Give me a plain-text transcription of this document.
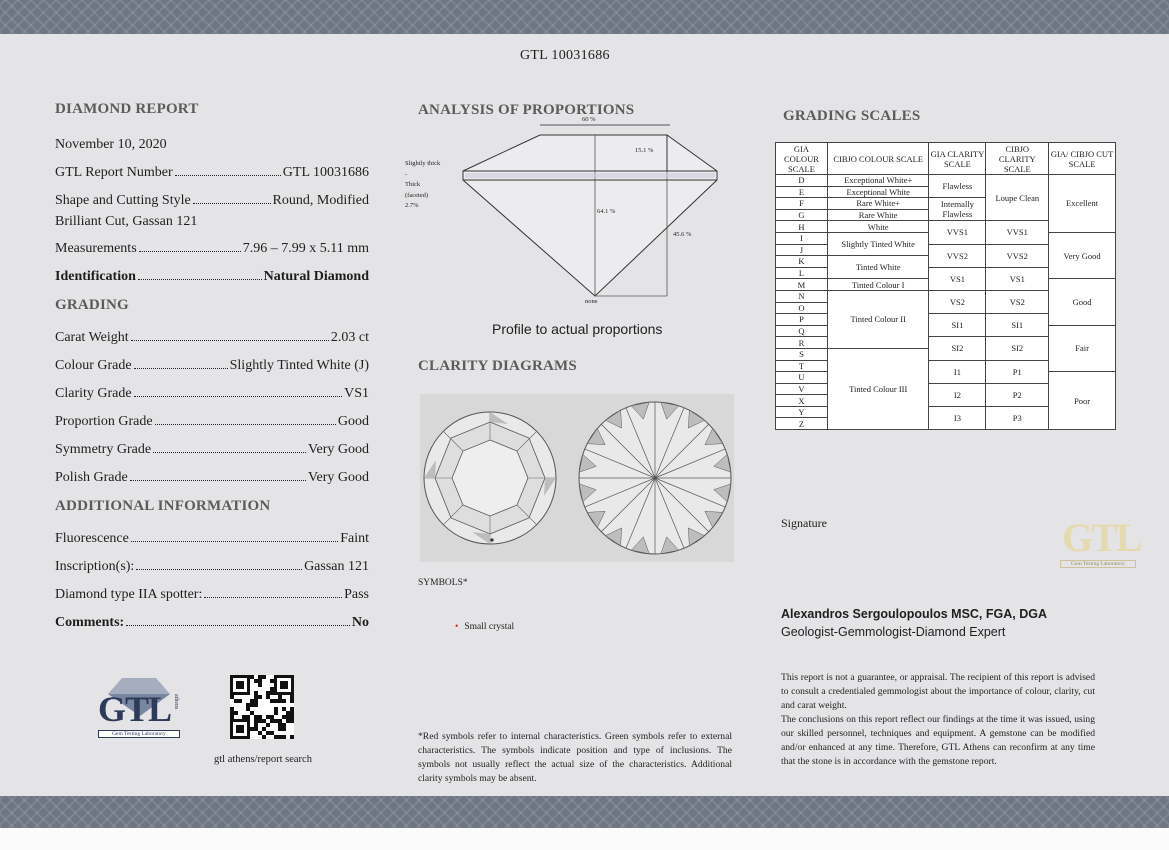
GTL 10031686
DIAMOND REPORT
November 10, 2020
GTL Report Number	GTL 10031686
Shape and Cutting Style	Round, Modified
Brilliant Cut, Gassan 121
Measurements	7.96 – 7.99 x 5.11 mm
Identification	Natural Diamond
GRADING
Carat Weight	2.03 ct
Colour Grade	Slightly Tinted White (J)
Clarity Grade	VS1
Proportion Grade	Good
Symmetry Grade	Very Good
Polish Grade	Very Good
ADDITIONAL INFORMATION
Fluorescence	Faint
Inscription(s):	Gassan 121
Diamond type IIA spotter:	Pass
Comments:	No
GTL athens
Gem Testing Laboratory
gtl athens/report search
ANALYSIS OF PROPORTIONS
60 %
15.1 %
64.1 %
45.6 %
none
Slightly thick
-
Thick
(faceted)
2.7%
Profile to actual proportions
CLARITY DIAGRAMS
SYMBOLS*
• Small crystal
*Red symbols refer to internal characteristics. Green symbols refer to external characteristics. The symbols indicate position and type of inclusions. The symbols not usually reflect the actual size of the characteristics. Additional clarity symbols may be absent.
GRADING SCALES
GIA COLOUR SCALE	CIBJO COLOUR SCALE	GIA CLARITY SCALE	CIBJO CLARITY SCALE	GIA/ CIBJO CUT SCALE
D	Exceptional White+	Flawless	Loupe Clean	Excellent
E	Exceptional White			
F	Rare White+	Internally Flawless		
G	Rare White			
H	White	VVS1	VVS1	
I	Slightly Tinted White			Very Good
J		VVS2	VVS2	
K	Tinted White			
L		VS1	VS1	
M	Tinted Colour I			Good
N	Tinted Colour II	VS2	VS2	
O				
P		SI1	SI1	
Q				Fair
R		SI2	SI2	
S	Tinted Colour III			
T		I1	P1	
U				Poor
V		I2	P2	
X				
Y		I3	P3	
Z				
Signature	GTL
Gem Testing Laboratory
Alexandros Sergoulopoulos MSC, FGA, DGA
Geologist-Gemmologist-Diamond Expert
This report is not a guarantee, or appraisal. The recipient of this report is advised to consult a credentialed gemmologist about the importance of colour, clarity, cut and carat weight.
The conclusions on this report reflect our findings at the time it was issued, using our skilled personnel, techniques and equipment. A gemstone can be modified and/or enhanced at any time. Therefore, GTL Athens can reconfirm at any time that the stone is in accordance with the gemstone report.
